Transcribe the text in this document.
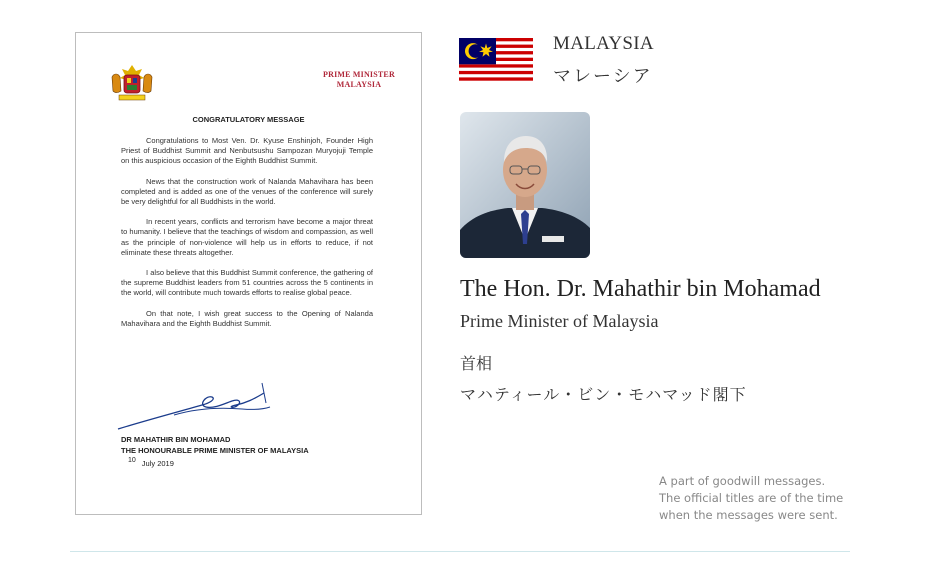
PRIME MINISTER
MALAYSIA
CONGRATULATORY MESSAGE

Congratulations to Most Ven. Dr. Kyuse Enshinjoh, Founder High Priest of Buddhist Summit and Nenbutsushu Sampozan Muryojuji Temple on this auspicious occasion of the Eighth Buddhist Summit.

News that the construction work of Nalanda Mahavihara has been completed and is added as one of the venues of the conference will surely be very delightful for all Buddhists in the world.

In recent years, conflicts and terrorism have become a major threat to humanity. I believe that the teachings of wisdom and compassion, as well as the principle of non-violence will help us in efforts to reduce, if not eliminate these threats altogether.

I also believe that this Buddhist Summit conference, the gathering of the supreme Buddhist leaders from 51 countries across the 5 continents in the world, will contribute much towards efforts to realise global peace.

On that note, I wish great success to the Opening of Nalanda Mahavihara and the Eighth Buddhist Summit.

DR MAHATHIR BIN MOHAMAD
THE HONOURABLE PRIME MINISTER OF MALAYSIA
$^{10}$ July 2019
MALAYSIA
マレーシア
The Hon. Dr. Mahathir bin Mohamad
Prime Minister of Malaysia
首相
マハティール・ビン・モハマッド閣下
A part of goodwill messages.
The official titles are of the time
when the messages were sent.
